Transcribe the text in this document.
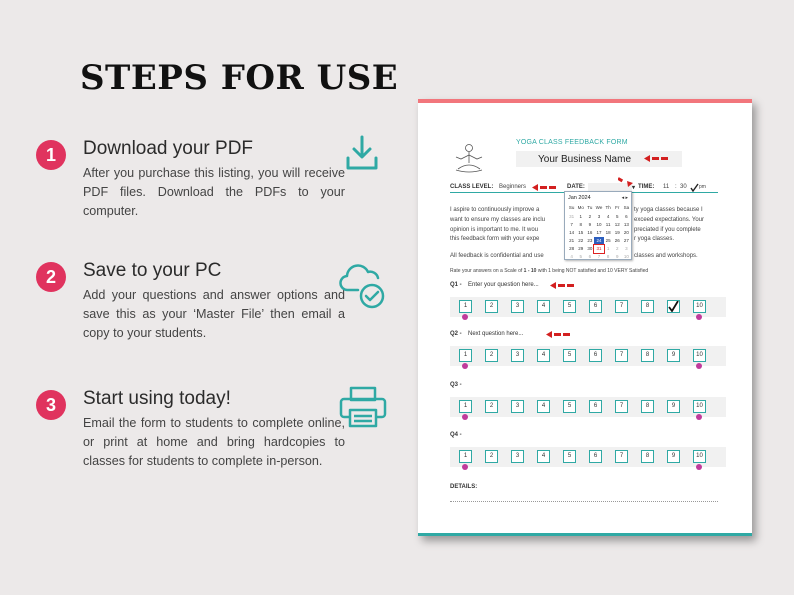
STEPS FOR USE
1	Download your PDF
After you purchase this listing, you will receive PDF files. Download the PDFs to your computer.
2	Save to your PC
Add your questions and answer options and save this as your ‘Master File’ then email a copy to your students.
3	Start using today!
Email the form to students to complete online, or print at home and bring hardcopies to classes for students to complete in-person.
YOGA CLASS FEEDBACK FORM
Your Business Name
CLASS LEVEL: Beginners	DATE:	▾ TIME: 11 : 30 pm
I aspire to continuously improve a	ty yoga classes because I
want to ensure my classes are inclu	exceed expectations. Your
opinion is important to me. It wou	preciated if you complete
this feedback form with your expe	r yoga classes.
All feedback is confidential and use	classes and workshops.
Rate your answers on a Scale of 1 - 10 with 1 being NOT satisfied and 10 VERY Satisfied
Jan 2024	◂ ▸
Su Mo Tu We Th Fr Sa
31	1	2	3	4	5	6
7	8	9	10 11 12 13
14 15 16 17 18 19 20
21 22 23 24 25 26 27
28 29 30 31	1	2	3
4	5	6	7	8	9	10
DETAILS:
Q1 - Enter your question here...
1	2	3	4	5	6	7	8	10
Q2 - Next question here...
1	2	3	4	5	6	7	8	9	10
Q3 -
1	2	3	4	5	6	7	8	9	10
Q4 -
1	2	3	4	5	6	7	8	9	10
